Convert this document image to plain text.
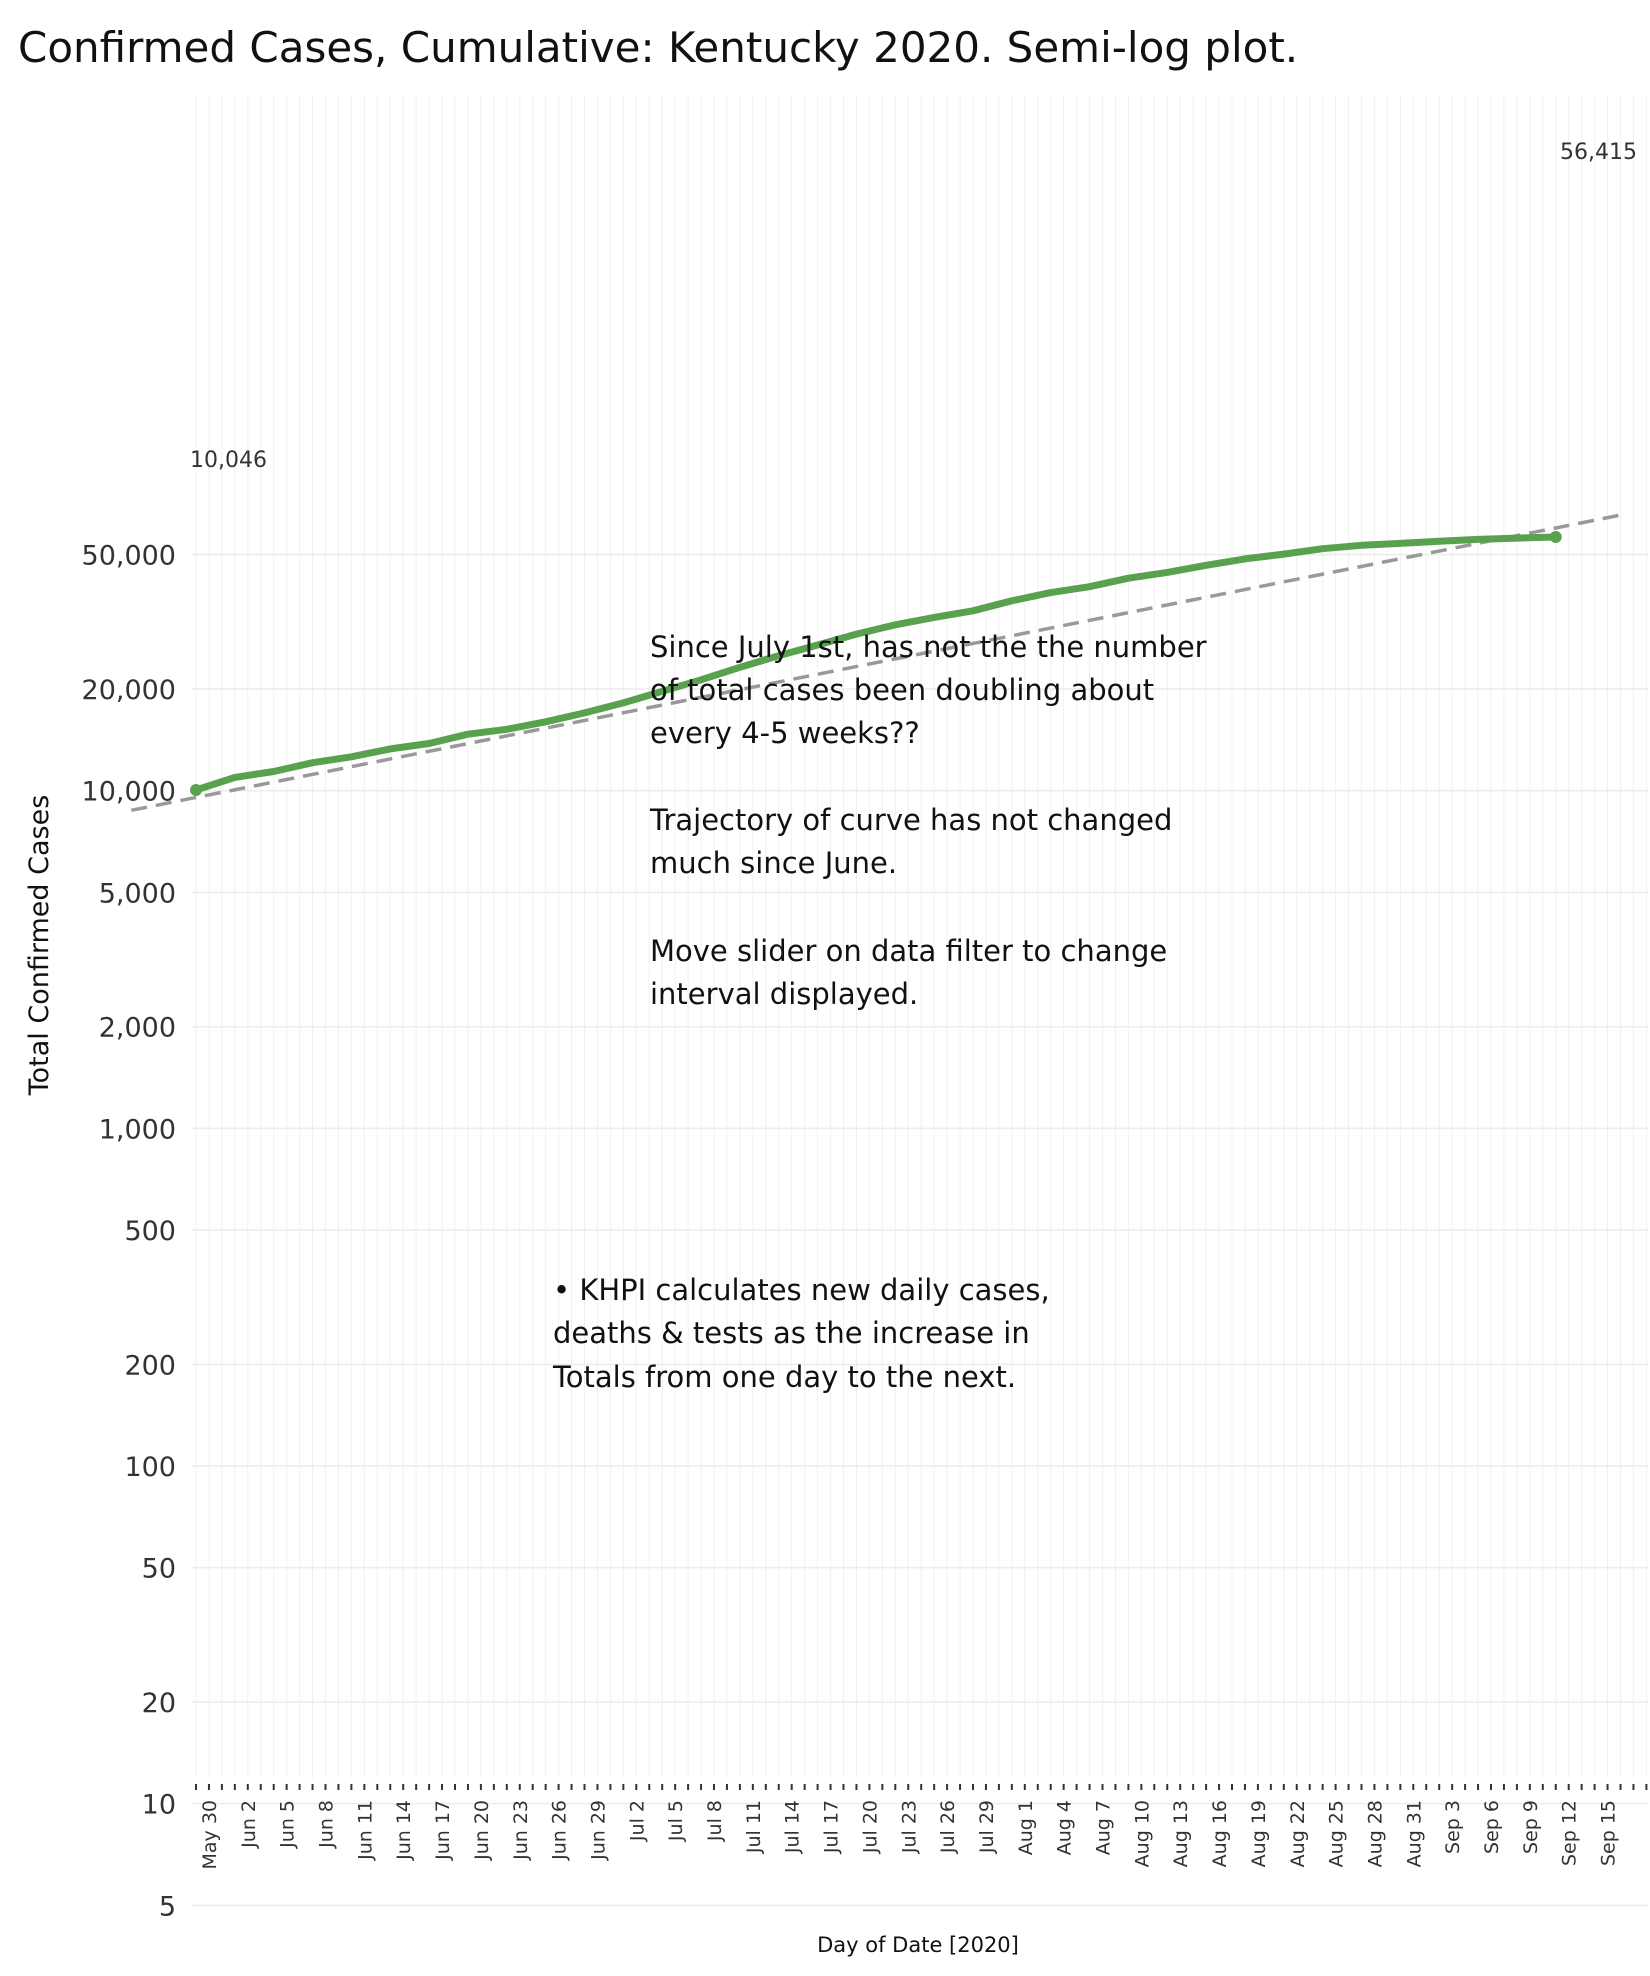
Confirmed Cases, Cumulative: Kentucky 2020. Semi-log plot.
5
10
20
50
100
200
500
1,000
2,000
5,000
10,000
20,000
50,000
May 30 Jun 2 Jun 5 Jun 8 Jun 11 Jun 14 Jun 17 Jun 20 Jun 23 Jun 26 Jun 29 Jul 2 Jul 5 Jul 8 Jul 11 Jul 14 Jul 17 Jul 20 Jul 23 Jul 26 Jul 29 Aug 1 Aug 4 Aug 7 Aug 10 Aug 13 Aug 16 Aug 19 Aug 22 Aug 25 Aug 28 Aug 31 Sep 3 Sep 6 Sep 9 Sep 12 Sep 15
10,046
56,415
Since July 1st, has not the the number of total cases been doubling about every 4-5 weeks?? Trajectory of curve has not changed much since June. Move slider on data filter to change interval displayed.
• KHPI calculates new daily cases, deaths & tests as the increase in Totals from one day to the next.
Total Confirmed Cases
Day of Date [2020]
